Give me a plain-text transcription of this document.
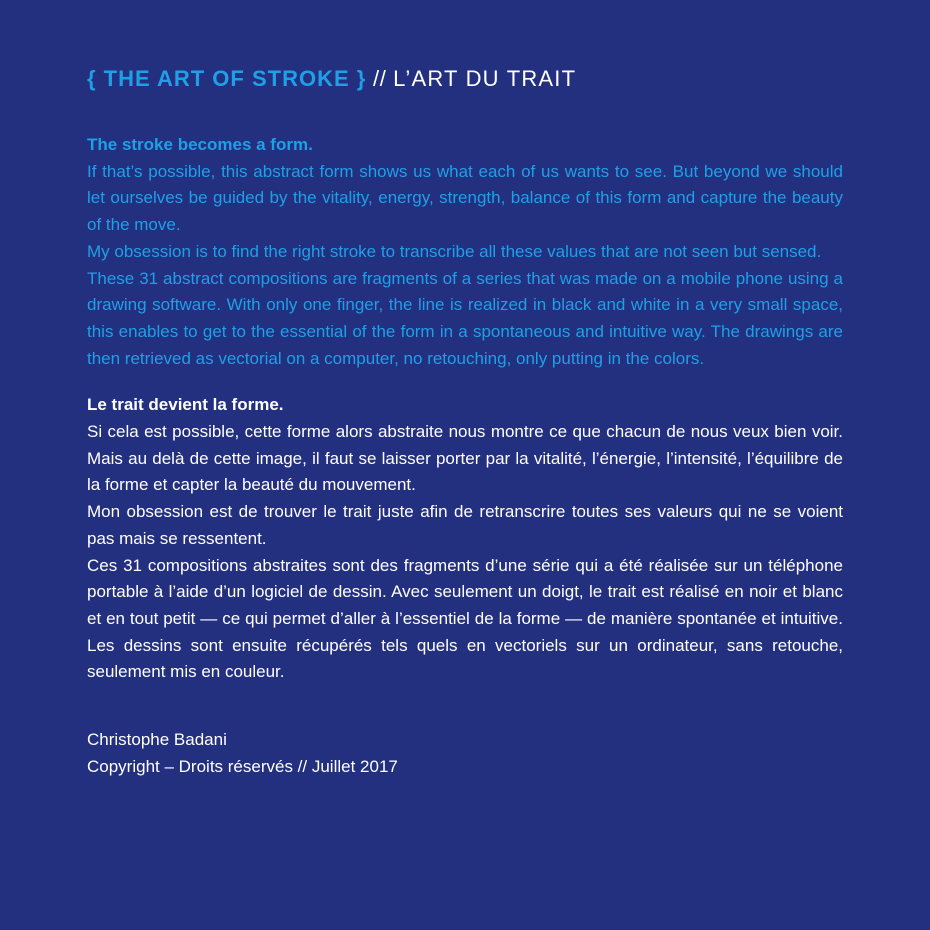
{ THE ART OF STROKE } // L’ART DU TRAIT

The stroke becomes a form.

If that’s possible, this abstract form shows us what each of us wants to see. But beyond we should let ourselves be guided by the vitality, energy, strength, balance of this form and capture the beauty of the move.

My obsession is to find the right stroke to transcribe all these values that are not seen but sensed.

These 31 abstract compositions are fragments of a series that was made on a mobile phone using a drawing software. With only one finger, the line is realized in black and white in a very small space, this enables to get to the essential of the form in a spontaneous and intuitive way. The drawings are then retrieved as vectorial on a computer, no retouching, only putting in the colors.

Le trait devient la forme.

Si cela est possible, cette forme alors abstraite nous montre ce que chacun de nous veux bien voir. Mais au delà de cette image, il faut se laisser porter par la vitalité, l’énergie, l’intensité, l’équilibre de la forme et capter la beauté du mouvement.

Mon obsession est de trouver le trait juste afin de retranscrire toutes ses valeurs qui ne se voient pas mais se ressentent.

Ces 31 compositions abstraites sont des fragments d’une série qui a été réalisée sur un téléphone portable à l’aide d’un logiciel de dessin. Avec seulement un doigt, le trait est réalisé en noir et blanc et en tout petit — ce qui permet d’aller à l’essentiel de la forme — de manière spontanée et intuitive. Les dessins sont ensuite récupérés tels quels en vectoriels sur un ordinateur, sans retouche, seulement mis en couleur.

Christophe Badani
Copyright – Droits réservés // Juillet 2017
